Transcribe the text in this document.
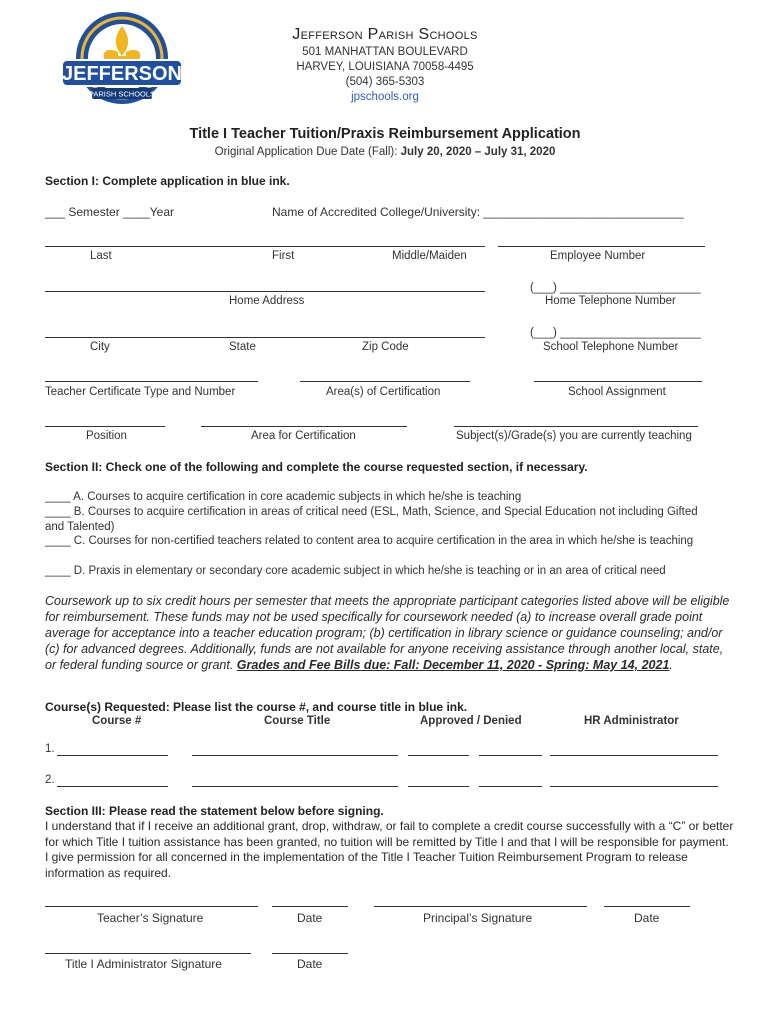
JEFFERSON
PARISH SCHOOLS
Jefferson Parish Schools
501 MANHATTAN BOULEVARD
HARVEY, LOUISIANA 70058-4495
(504) 365-5303
jpschools.org
Title I Teacher Tuition/Praxis Reimbursement Application
Original Application Due Date (Fall): July 20, 2020 – July 31, 2020
Section I: Complete application in blue ink.
___ Semester ____Year	Name of Accredited College/University: ______________________________
Last	First	Middle/Maiden	Employee Number
(___) ______________________
Home Address	Home Telephone Number
(___) ______________________
City	State	Zip Code	School Telephone Number
Teacher Certificate Type and Number	Area(s) of Certification	School Assignment
Position	Area for Certification	Subject(s)/Grade(s) you are currently teaching
Section II: Check one of the following and complete the course requested section, if necessary.
____ A. Courses to acquire certification in core academic subjects in which he/she is teaching
____ B. Courses to acquire certification in areas of critical need (ESL, Math, Science, and Special Education not including Gifted and Talented)
____ C. Courses for non-certified teachers related to content area to acquire certification in the area in which he/she is teaching
____ D. Praxis in elementary or secondary core academic subject in which he/she is teaching or in an area of critical need
Coursework up to six credit hours per semester that meets the appropriate participant categories listed above will be eligible for reimbursement. These funds may not be used specifically for coursework needed (a) to increase overall grade point average for acceptance into a teacher education program; (b) certification in library science or guidance counseling; and/or (c) for advanced degrees. Additionally, funds are not available for anyone receiving assistance through another local, state, or federal funding source or grant. Grades and Fee Bills due: Fall: December 11, 2020 - Spring: May 14, 2021.
Course(s) Requested: Please list the course #, and course title in blue ink.
Course #	Course Title	Approved / Denied	HR Administrator
1.
2.
Section III: Please read the statement below before signing.
I understand that if I receive an additional grant, drop, withdraw, or fail to complete a credit course successfully with a “C” or better for which Title I tuition assistance has been granted, no tuition will be remitted by Title I and that I will be responsible for payment. I give permission for all concerned in the implementation of the Title I Teacher Tuition Reimbursement Program to release information as required.
Teacher’s Signature	Date	Principal’s Signature	Date
Title I Administrator Signature	Date
